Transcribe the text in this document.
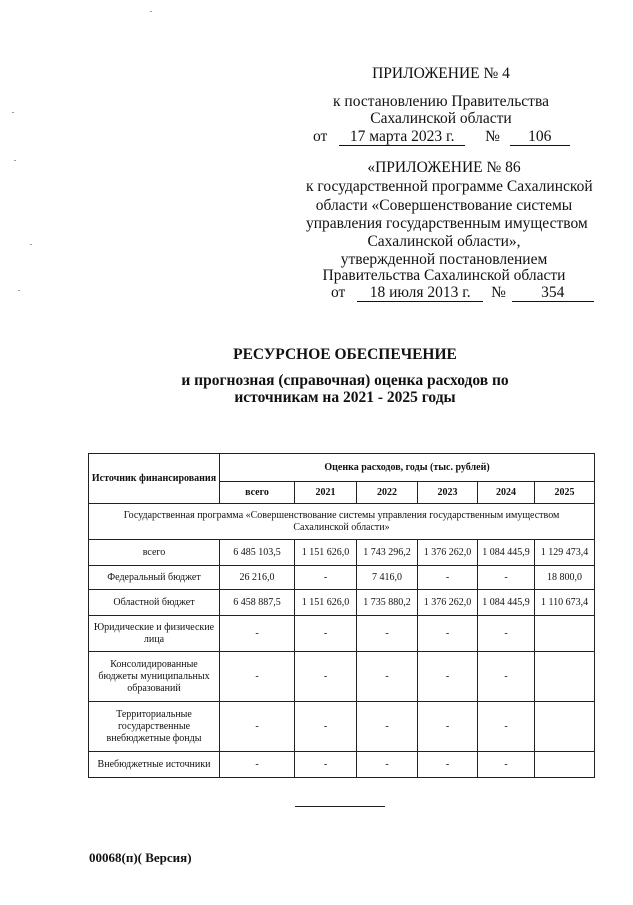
ПРИЛОЖЕНИЕ № 4
к постановлению Правительства
Сахалинской области
от 17 марта 2023 г. № 106
«ПРИЛОЖЕНИЕ № 86
к государственной программе Сахалинской
области «Совершенствование системы
управления государственным имуществом
Сахалинской области»,
утвержденной постановлением
Правительства Сахалинской области
от 18 июля 2013 г. № 354
РЕСУРСНОЕ ОБЕСПЕЧЕНИЕ
и прогнозная (справочная) оценка расходов по
источникам на 2021 - 2025 годы
Источник финансирования	Оценка расходов, годы (тыс. рублей)					
	всего	2021	2022	2023	2024	2025
Государственная программа «Совершенствование системы управления государственным имуществом Сахалинской области»						
всего	6 485 103,5	1 151 626,0	1 743 296,2	1 376 262,0	1 084 445,9	1 129 473,4
Федеральный бюджет	26 216,0	-	7 416,0	-	-	18 800,0
Областной бюджет	6 458 887,5	1 151 626,0	1 735 880,2	1 376 262,0	1 084 445,9	1 110 673,4
Юридические и физические лица	-	-	-	-	-	
Консолидированные бюджеты муниципальных образований	-	-	-	-	-	
Территориальные государственные внебюджетные фонды	-	-	-	-	-	
Внебюджетные источники	-	-	-	-	-	
00068(п)( Версия)
